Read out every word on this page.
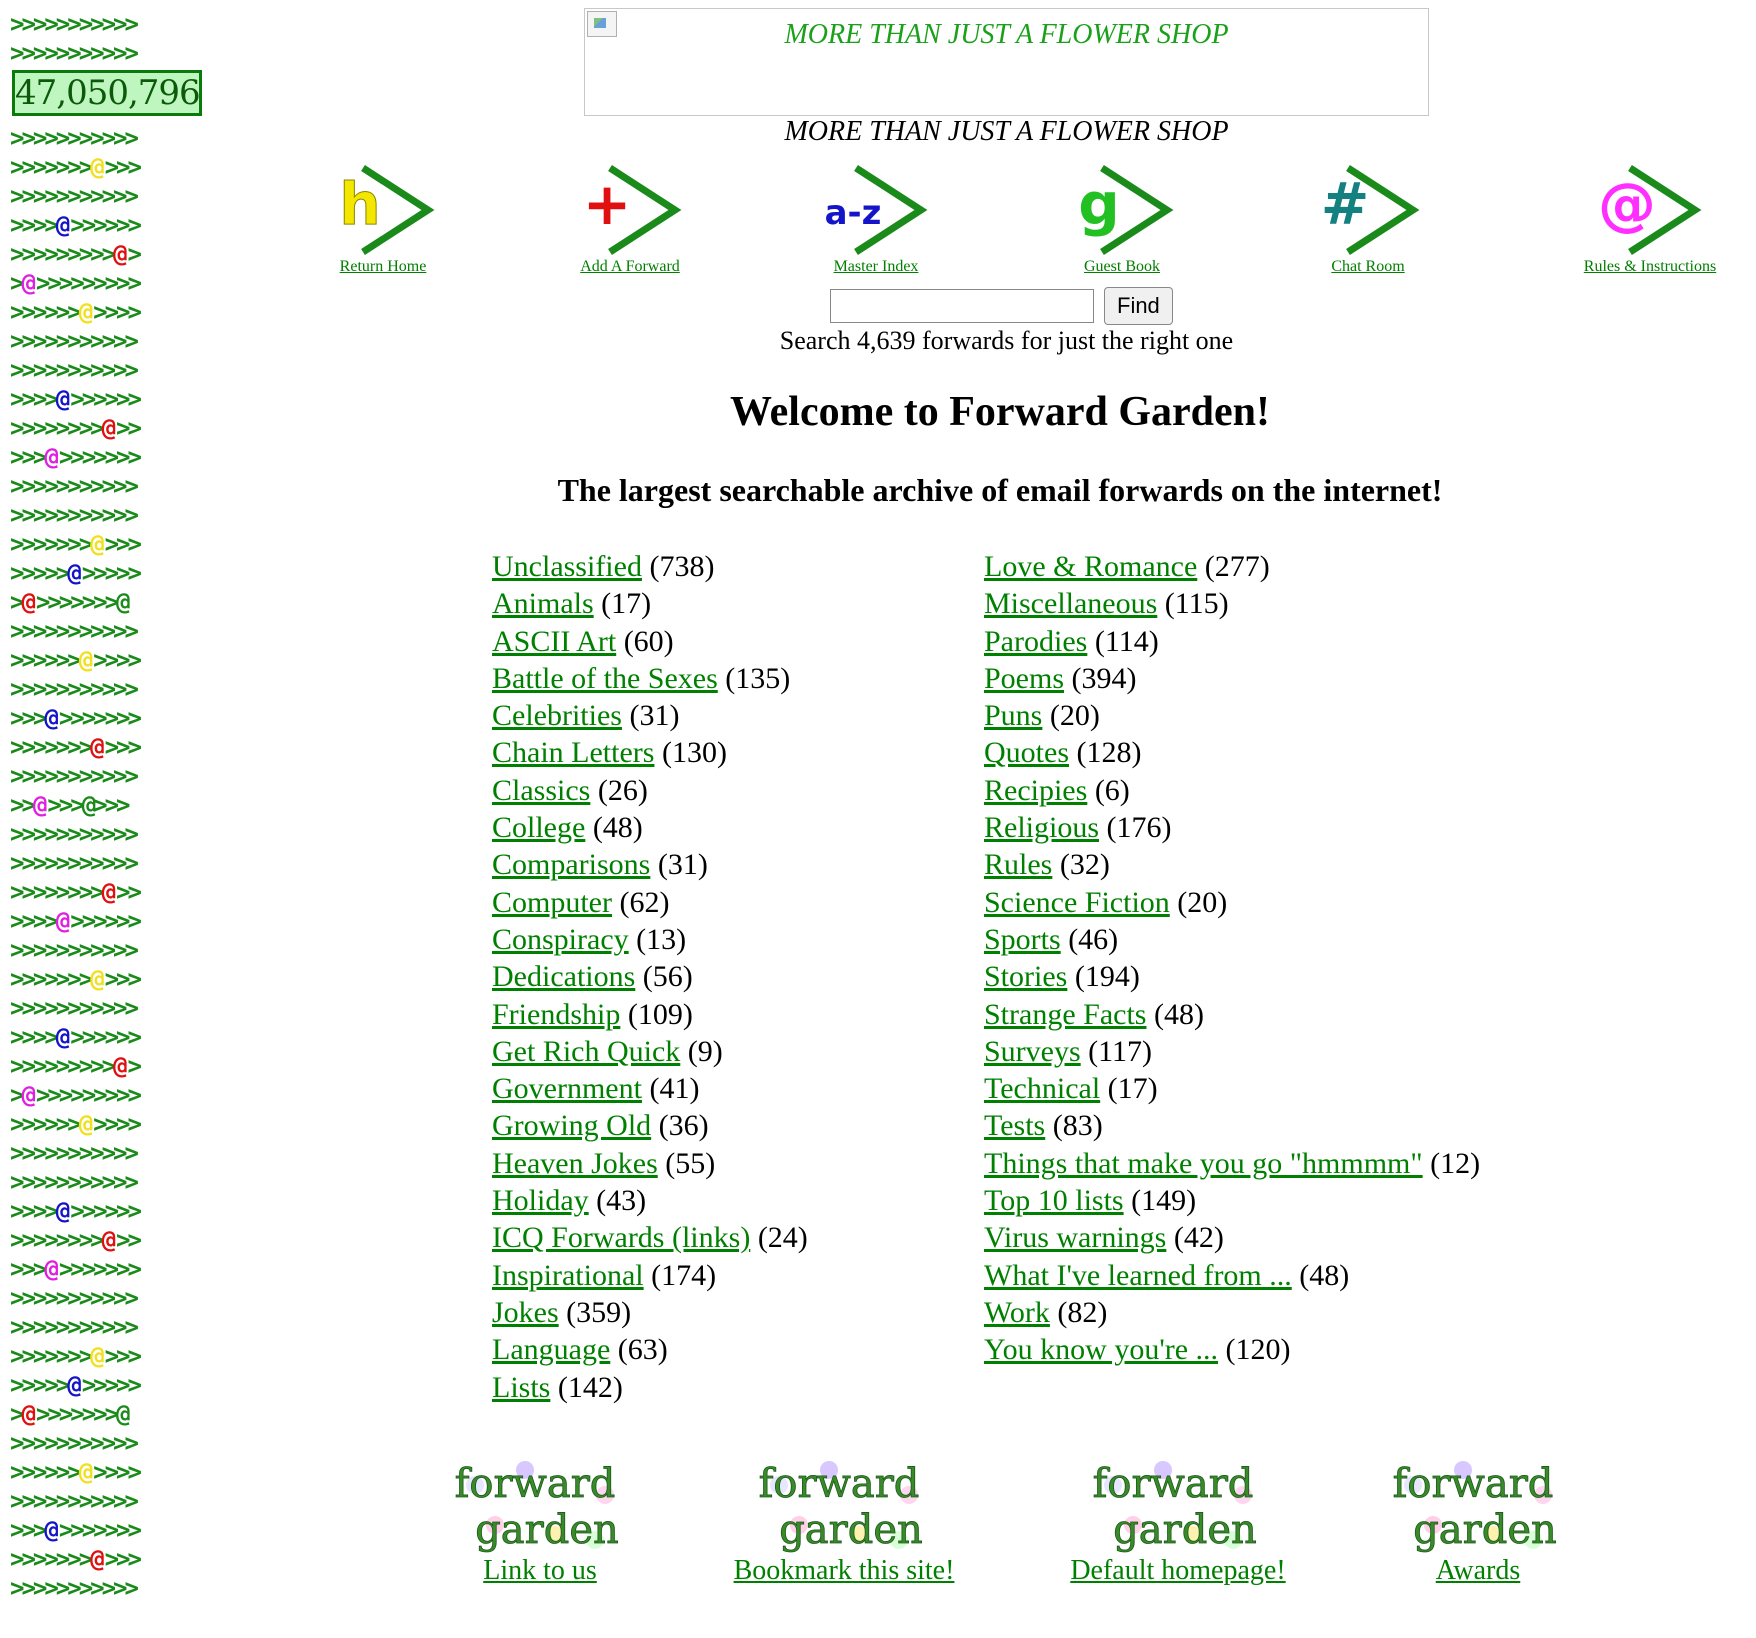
>>>>>>>>>>>
>>>>>>>>>>>
47,050,796
>>>>>>>>>>>
>>>>>>>@>>>
>>>>>>>>>>>
>>>>@>>>>>>
>>>>>>>>>@>
>@>>>>>>>>>
>>>>>>@>>>>
>>>>>>>>>>>
>>>>>>>>>>>
>>>>@>>>>>>
>>>>>>>>@>>
>>>@>>>>>>>
>>>>>>>>>>>
>>>>>>>>>>>
>>>>>>>@>>>
>>>>>@>>>>>
>@>>>>>>>@
>>>>>>>>>>>
>>>>>>@>>>>
>>>>>>>>>>>
>>>@>>>>>>>
>>>>>>>@>>>
>>>>>>>>>>>
>>@>>>@>>>
>>>>>>>>>>>
>>>>>>>>>>>
>>>>>>>>@>>
>>>>@>>>>>>
>>>>>>>>>>>
>>>>>>>@>>>
>>>>>>>>>>>
>>>>@>>>>>>
>>>>>>>>>@>
>@>>>>>>>>>
>>>>>>@>>>>
>>>>>>>>>>>
>>>>>>>>>>>
>>>>@>>>>>>
>>>>>>>>@>>
>>>@>>>>>>>
>>>>>>>>>>>
>>>>>>>>>>>
>>>>>>>@>>>
>>>>>@>>>>>
>@>>>>>>>@
>>>>>>>>>>>
>>>>>>@>>>>
>>>>>>>>>>>
>>>@>>>>>>>
>>>>>>>@>>>
>>>>>>>>>>>
MORE THAN JUST A FLOWER SHOP
MORE THAN JUST A FLOWER SHOP
h
Return Home
+
Add A Forward
a-z
Master Index
g
Guest Book
#
Chat Room
@
Rules & Instructions
Find
Search 4,639 forwards for just the right one
Welcome to Forward Garden!
The largest searchable archive of email forwards on the internet!
Unclassified (738)
Animals (17)
ASCII Art (60)
Battle of the Sexes (135)
Celebrities (31)
Chain Letters (130)
Classics (26)
College (48)
Comparisons (31)
Computer (62)
Conspiracy (13)
Dedications (56)
Friendship (109)
Get Rich Quick (9)
Government (41)
Growing Old (36)
Heaven Jokes (55)
Holiday (43)
ICQ Forwards (links) (24)
Inspirational (174)
Jokes (359)
Language (63)
Lists (142)
Love & Romance (277)
Miscellaneous (115)
Parodies (114)
Poems (394)
Puns (20)
Quotes (128)
Recipies (6)
Religious (176)
Rules (32)
Science Fiction (20)
Sports (46)
Stories (194)
Strange Facts (48)
Surveys (117)
Technical (17)
Tests (83)
Things that make you go "hmmmm" (12)
Top 10 lists (149)
Virus warnings (42)
What I've learned from ... (48)
Work (82)
You know you're ... (120)
forward
garden
Link to us
forward
garden
Bookmark this site!
forward
garden
Default homepage!
forward
garden
Awards
